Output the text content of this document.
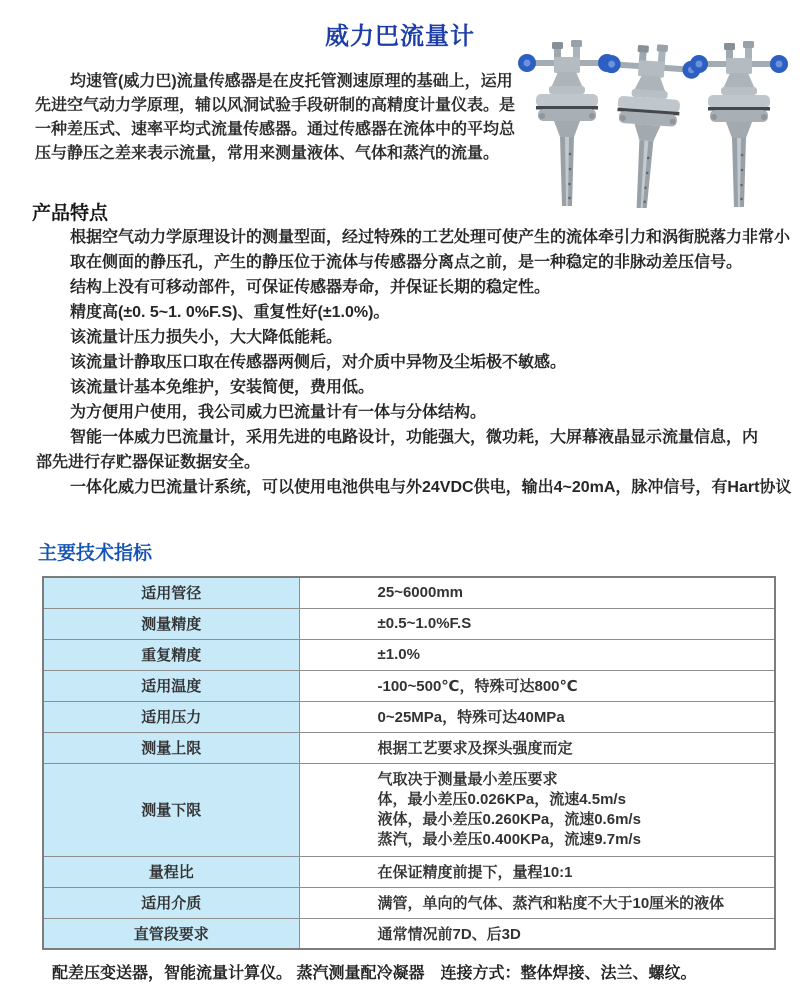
威力巴流量计
均速管(威力巴)流量传感器是在皮托管测速原理的基础上，运用
先进空气动力学原理，辅以风洞试验手段研制的高精度计量仪表。是
一种差压式、速率平均式流量传感器。通过传感器在流体中的平均总
压与静压之差来表示流量，常用来测量液体、气体和蒸汽的流量。
产品特点
根据空气动力学原理设计的测量型面，经过特殊的工艺处理可使产生的流体牵引力和涡街脱落力非常小
取在侧面的静压孔，产生的静压位于流体与传感器分离点之前，是一种稳定的非脉动差压信号。
结构上没有可移动部件，可保证传感器寿命，并保证长期的稳定性。
精度高(±0. 5~1. 0%F.S)、重复性好(±1.0%)。
该流量计压力损失小，大大降低能耗。
该流量计静取压口取在传感器两侧后，对介质中异物及尘垢极不敏感。
该流量计基本免维护，安装简便，费用低。
为方便用户使用，我公司威力巴流量计有一体与分体结构。
智能一体威力巴流量计，采用先进的电路设计，功能强大，微功耗，大屏幕液晶显示流量信息，内
部先进行存贮器保证数据安全。
一体化威力巴流量计系统，可以使用电池供电与外24VDC供电，输出4~20mA，脉冲信号，有Hart协议
主要技术指标
适用管径	25~6000mm
测量精度	±0.5~1.0%F.S
重复精度	±1.0%
适用温度	-100~500℃，特殊可达800℃
适用压力	0~25MPa，特殊可达40MPa
测量上限	根据工艺要求及探头强度而定
测量下限	气取决于测量最小差压要求
体，最小差压0.026KPa，流速4.5m/s
液体，最小差压0.260KPa，流速0.6m/s
蒸汽，最小差压0.400KPa，流速9.7m/s

量程比	在保证精度前提下，量程10:1
适用介质	满管，单向的气体、蒸汽和粘度不大于10厘米的液体
直管段要求	通常情况前7D、后3D
配差压变送器，智能流量计算仪。 蒸汽测量配冷凝器　连接方式：整体焊接、法兰、螺纹。
